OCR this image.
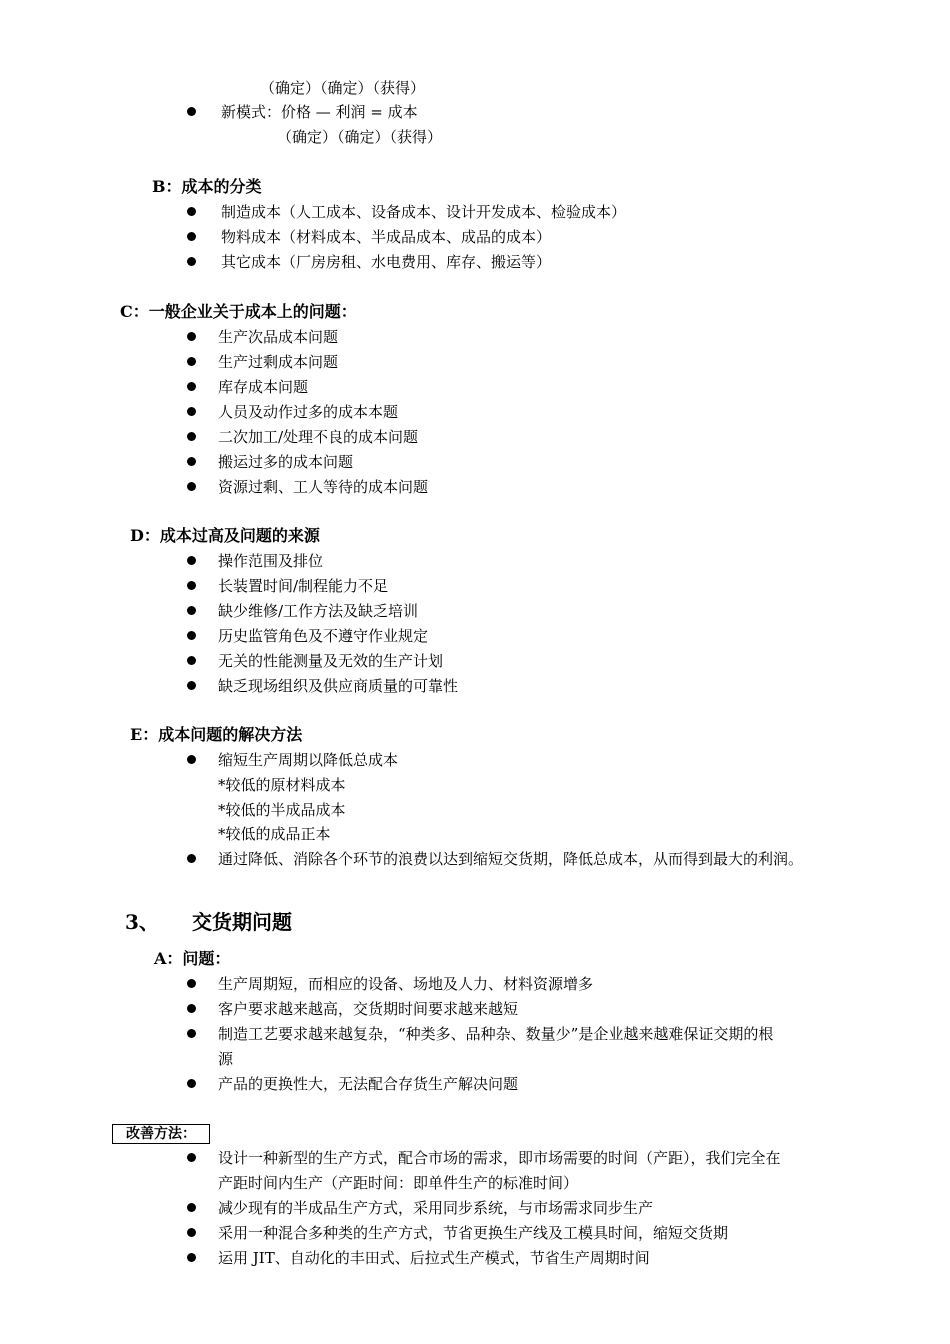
（确定）（确定）（获得）
新模式：价格 — 利润 = 成本
（确定）（确定）（获得）
B：成本的分类
制造成本（人工成本、设备成本、设计开发成本、检验成本）
物料成本（材料成本、半成品成本、成品的成本）
其它成本（厂房房租、水电费用、库存、搬运等）
C：一般企业关于成本上的问题：
生产次品成本问题
生产过剩成本问题
库存成本问题
人员及动作过多的成本本题
二次加工/处理不良的成本问题
搬运过多的成本问题
资源过剩、工人等待的成本问题
D：成本过高及问题的来源
操作范围及排位
长装置时间/制程能力不足
缺少维修/工作方法及缺乏培训
历史监管角色及不遵守作业规定
无关的性能测量及无效的生产计划
缺乏现场组织及供应商质量的可靠性
E：成本问题的解决方法
缩短生产周期以降低总成本
*较低的原材料成本
*较低的半成品成本
*较低的成品正本
通过降低、消除各个环节的浪费以达到缩短交货期，降低总成本，从而得到最大的利润。
3、 交货期问题
A：问题：
生产周期短，而相应的设备、场地及人力、材料资源增多
客户要求越来越高，交货期时间要求越来越短
制造工艺要求越来越复杂，“种类多、品种杂、数量少”是企业越来越难保证交期的根
源
产品的更换性大，无法配合存货生产解决问题
改善方法：
设计一种新型的生产方式，配合市场的需求，即市场需要的时间（产距），我们完全在
产距时间内生产（产距时间：即单件生产的标准时间）
减少现有的半成品生产方式，采用同步系统，与市场需求同步生产
采用一种混合多种类的生产方式，节省更换生产线及工模具时间，缩短交货期
运用 JIT、自动化的丰田式、后拉式生产模式，节省生产周期时间
